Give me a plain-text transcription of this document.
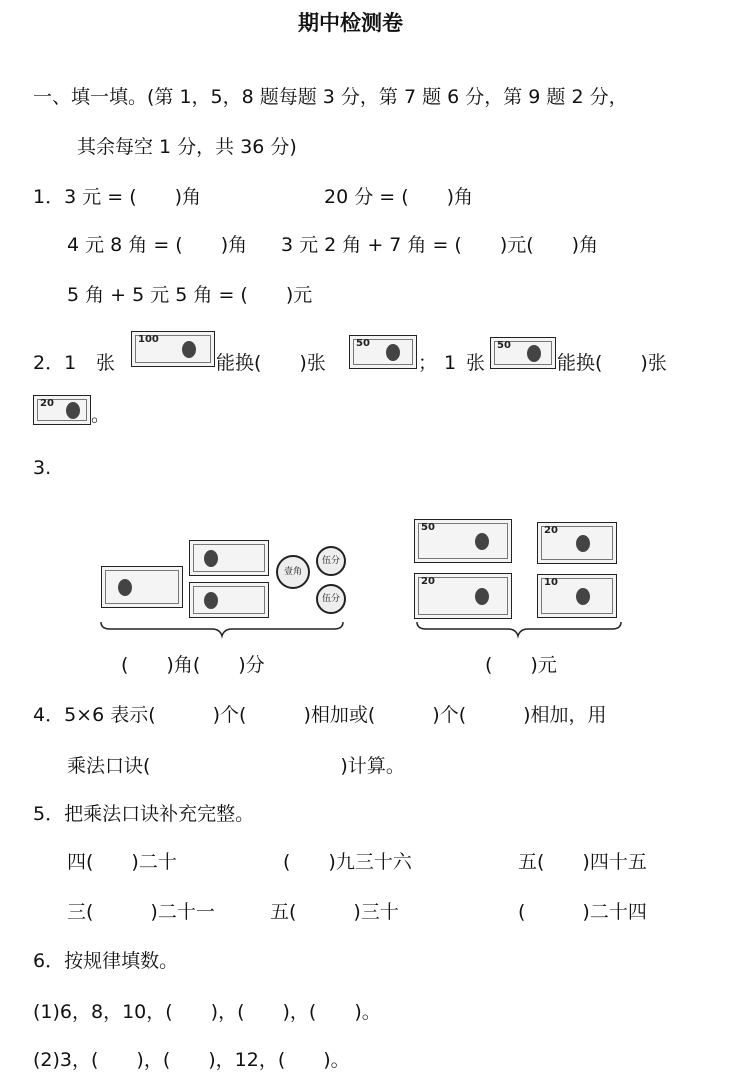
期中检测卷
一、填一填。(第 1，5，8 题每题 3 分，第 7 题 6 分，第 9 题 2 分，
其余每空 1 分，共 36 分)
1．3 元 = (　　)角	20 分 = (　　)角
4 元 8 角 = (　　)角 3 元 2 角 + 7 角 = (　　)元(　　)角
5 角 + 5 元 5 角 = (　　)元
2．1 张
100
能换(　　)张
50
； 1 张
50
能换(　　)张
20
。
3.
壹角
伍分
伍分
50	20
20	10
(　　)角(　　)分	(　　)元
4．5×6 表示(　　　)个(　　　)相加或(　　　)个(　　　)相加，用
乘法口诀(　　　　　　　　　　)计算。
5．把乘法口诀补充完整。
四(　　)二十	(　　)九三十六	五(　　)四十五
三(　　　)二十一	五(　　　)三十	(　　　)二十四
6．按规律填数。
(1)6，8，10，(　　)，(　　)，(　　)。
(2)3，(　　)，(　　)，12，(　　)。
